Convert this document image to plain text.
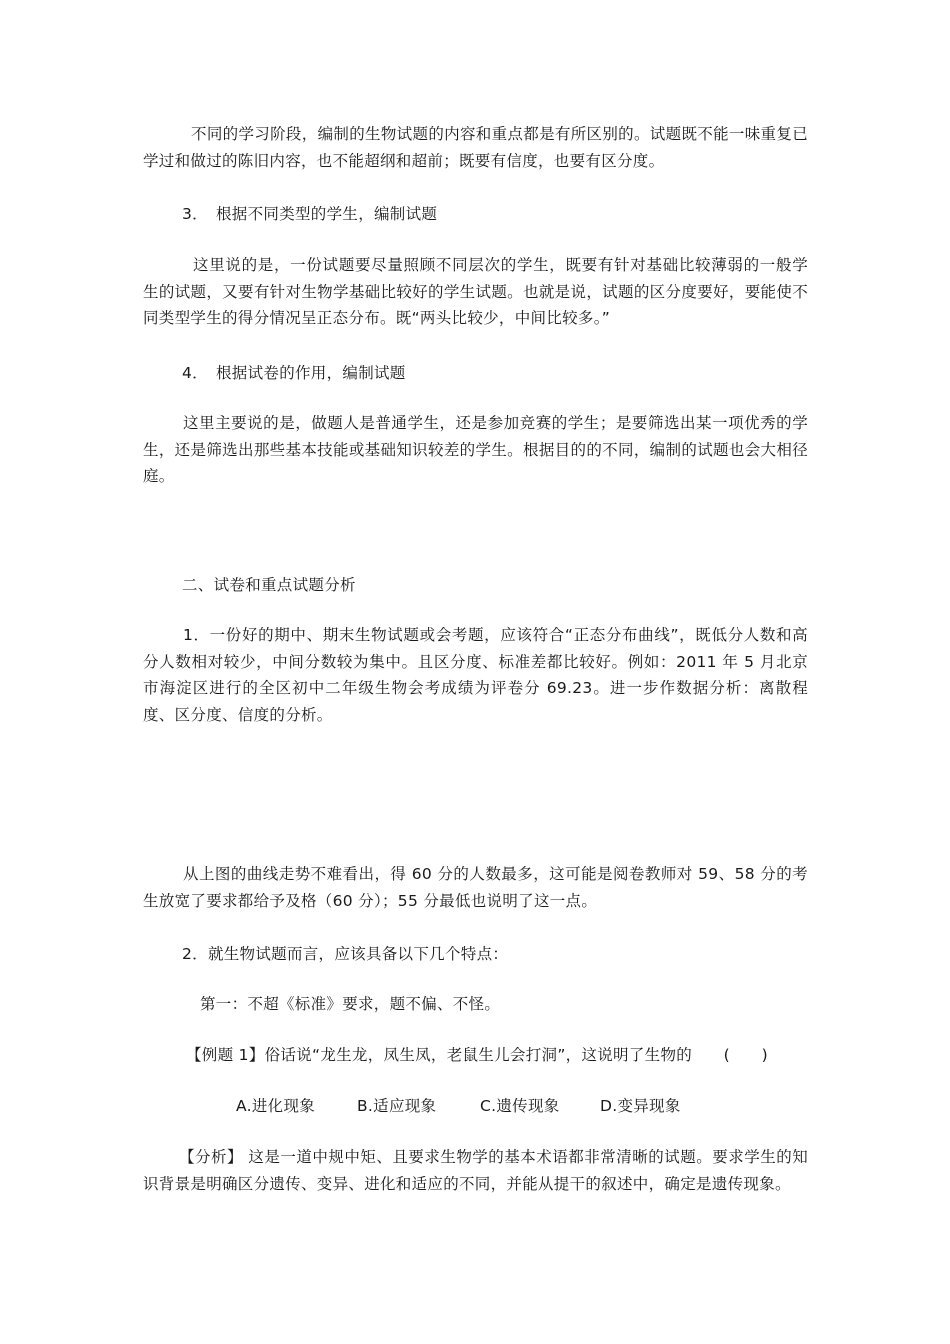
不同的学习阶段，编制的生物试题的内容和重点都是有所区别的。试题既不能一味重复已学过和做过的陈旧内容，也不能超纲和超前；既要有信度，也要有区分度。
3．　根据不同类型的学生，编制试题
这里说的是，一份试题要尽量照顾不同层次的学生，既要有针对基础比较薄弱的一般学生的试题，又要有针对生物学基础比较好的学生试题。也就是说，试题的区分度要好，要能使不同类型学生的得分情况呈正态分布。既“两头比较少，中间比较多。”
4．　根据试卷的作用，编制试题
这里主要说的是，做题人是普通学生，还是参加竞赛的学生；是要筛选出某一项优秀的学生，还是筛选出那些基本技能或基础知识较差的学生。根据目的的不同，编制的试题也会大相径庭。
二、试卷和重点试题分析
1．一份好的期中、期末生物试题或会考题，应该符合“正态分布曲线”，既低分人数和高分人数相对较少，中间分数较为集中。且区分度、标准差都比较好。例如：2011 年 5 月北京市海淀区进行的全区初中二年级生物会考成绩为评卷分 69.23。进一步作数据分析：离散程度、区分度、信度的分析。
从上图的曲线走势不难看出，得 60 分的人数最多，这可能是阅卷教师对 59、58 分的考生放宽了要求都给予及格（60 分）；55 分最低也说明了这一点。
2．就生物试题而言，应该具备以下几个特点：
第一：不超《标准》要求，题不偏、不怪。
【例题 1】俗话说“龙生龙，凤生凤，老鼠生儿会打洞”，这说明了生物的　　(　　)
A.进化现象	B.适应现象	C.遗传现象	D.变异现象
【分析】 这是一道中规中矩、且要求生物学的基本术语都非常清晰的试题。要求学生的知识背景是明确区分遗传、变异、进化和适应的不同，并能从提干的叙述中，确定是遗传现象。
